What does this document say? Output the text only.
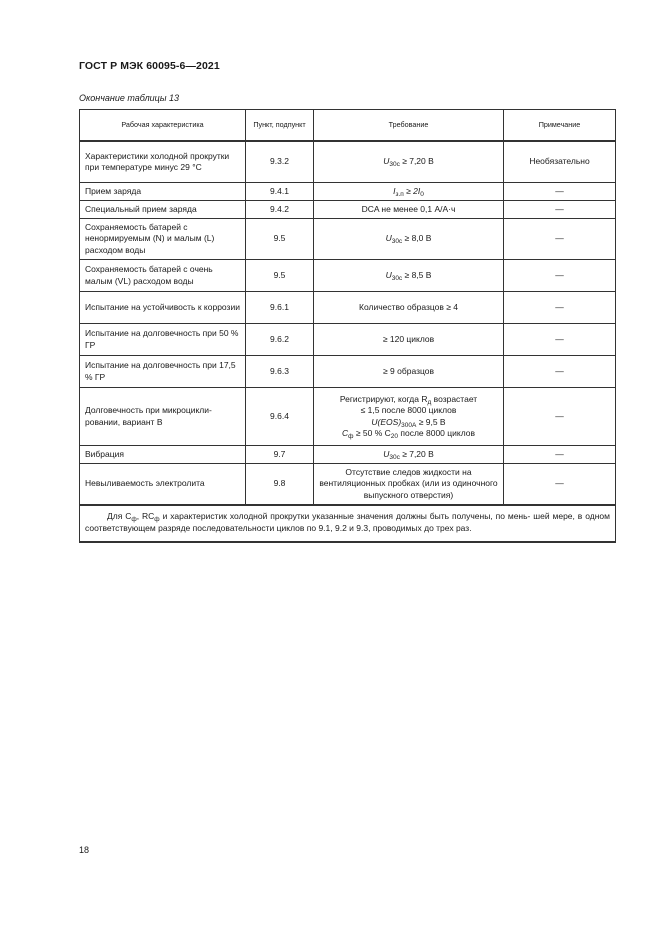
ГОСТ Р МЭК 60095-6—2021
Окончание таблицы 13
Рабочая характеристика	Пункт, подпункт	Требование	Примечание
Характеристики холодной прокрутки при температуре минус 29 °С	9.3.2	$U_{30с} \ge 7,20$ В	Необязательно
Прием заряда	9.4.1	$I_{з.п} \ge 2I_0$	—
Специальный прием заряда	9.4.2	DCA не менее 0,1 А/А·ч	—
Сохраняемость батарей с ненормируемым (N) и малым (L) расходом воды	9.5	$U_{30с} \ge 8,0$ В	—
Сохраняемость батарей с очень малым (VL) расходом воды	9.5	$U_{30с} \ge 8,5$ В	—
Испытание на устойчивость к коррозии	9.6.1	Количество образцов ≥ 4	—
Испытание на долговечность при 50 % ГР	9.6.2	≥ 120 циклов	—
Испытание на долговечность при 17,5 % ГР	9.6.3	≥ 9 образцов	—
Долговечность при микроцикли-ровании, вариант В	9.6.4	Регистрируют, когда $R_д$ возрастает
≤ 1,5 после 8000 циклов
$U(EOS)_{300А} \ge 9,5$ В
$C_ф \ge 50$ % $C_{20}$ после 8000 циклов	—
Вибрация	9.7	$U_{30с} \ge 7,20$ В	—
Невыливаемость электролита	9.8	Отсутствие следов жидкости на вентиляционных пробках (или из одиночного выпускного отверстия)	—
Для $C_ф$, $RC_ф$ и характеристик холодной прокрутки указанные значения должны быть получены, по мень- шей мере, в одном соответствующем разряде последовательности циклов по 9.1, 9.2 и 9.3, проводимых до трех раз.			
18
